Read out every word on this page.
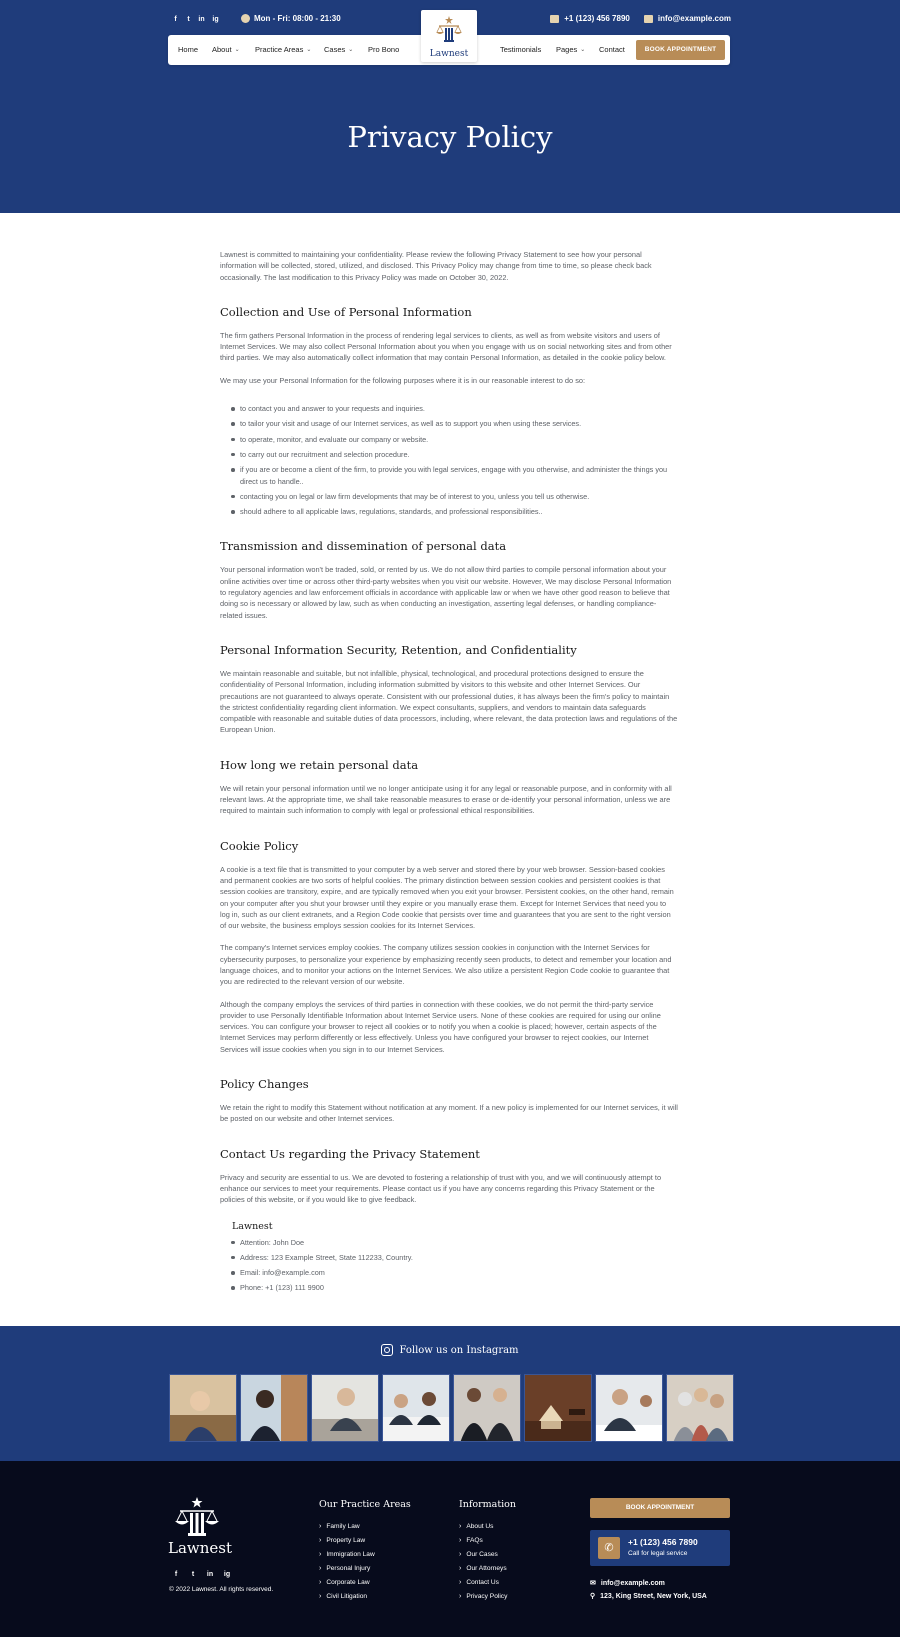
f	t	in ig	Mon - Fri: 08:00 - 21:30	+1 (123) 456 7890	info@example.com
Home About ⌄ Practice Areas ⌄ Cases ⌄ Pro Bono	Testimonials Pages ⌄ Contact	BOOK APPOINTMENT
Lawnest
Privacy Policy

Lawnest is committed to maintaining your confidentiality. Please review the following Privacy Statement to see how your personal information will be collected, stored, utilized, and disclosed. This Privacy Policy may change from time to time, so please check back occasionally. The last modification to this Privacy Policy was made on October 30, 2022.

Collection and Use of Personal Information

The firm gathers Personal Information in the process of rendering legal services to clients, as well as from website visitors and users of Internet Services. We may also collect Personal Information about you when you engage with us on social networking sites and from other third parties. We may also automatically collect information that may contain Personal Information, as detailed in the cookie policy below.

We may use your Personal Information for the following purposes where it is in our reasonable interest to do so:

to contact you and answer to your requests and inquiries.
to tailor your visit and usage of our Internet services, as well as to support you when using these services.
to operate, monitor, and evaluate our company or website.
to carry out our recruitment and selection procedure.
if you are or become a client of the firm, to provide you with legal services, engage with you otherwise, and administer the things you direct us to handle..
contacting you on legal or law firm developments that may be of interest to you, unless you tell us otherwise.
should adhere to all applicable laws, regulations, standards, and professional responsibilities..
Transmission and dissemination of personal data

Your personal information won't be traded, sold, or rented by us. We do not allow third parties to compile personal information about your online activities over time or across other third-party websites when you visit our website. However, We may disclose Personal Information to regulatory agencies and law enforcement officials in accordance with applicable law or when we have other good reason to believe that doing so is necessary or allowed by law, such as when conducting an investigation, asserting legal defenses, or handling compliance-related issues.

Personal Information Security, Retention, and Confidentiality

We maintain reasonable and suitable, but not infallible, physical, technological, and procedural protections designed to ensure the confidentiality of Personal Information, including information submitted by visitors to this website and other Internet Services. Our precautions are not guaranteed to always operate. Consistent with our professional duties, it has always been the firm's policy to maintain the strictest confidentiality regarding client information. We expect consultants, suppliers, and vendors to maintain data safeguards compatible with reasonable and suitable duties of data processors, including, where relevant, the data protection laws and regulations of the European Union.

How long we retain personal data

We will retain your personal information until we no longer anticipate using it for any legal or reasonable purpose, and in conformity with all relevant laws. At the appropriate time, we shall take reasonable measures to erase or de-identify your personal information, unless we are required to maintain such information to comply with legal or professional ethical responsibilities.

Cookie Policy

A cookie is a text file that is transmitted to your computer by a web server and stored there by your web browser. Session-based cookies and permanent cookies are two sorts of helpful cookies. The primary distinction between session cookies and persistent cookies is that session cookies are transitory, expire, and are typically removed when you exit your browser. Persistent cookies, on the other hand, remain on your computer after you shut your browser until they expire or you manually erase them. Except for Internet Services that need you to log in, such as our client extranets, and a Region Code cookie that persists over time and guarantees that you are sent to the right version of our website, the business employs session cookies for its Internet Services.

The company's Internet services employ cookies. The company utilizes session cookies in conjunction with the Internet Services for cybersecurity purposes, to personalize your experience by emphasizing recently seen products, to detect and remember your location and language choices, and to monitor your actions on the Internet Services. We also utilize a persistent Region Code cookie to guarantee that you are redirected to the relevant version of our website.

Although the company employs the services of third parties in connection with these cookies, we do not permit the third-party service provider to use Personally Identifiable Information about Internet Service users. None of these cookies are required for using our online services. You can configure your browser to reject all cookies or to notify you when a cookie is placed; however, certain aspects of the Internet Services may perform differently or less effectively. Unless you have configured your browser to reject cookies, our Internet Services will issue cookies when you sign in to our Internet Services.

Policy Changes

We retain the right to modify this Statement without notification at any moment. If a new policy is implemented for our Internet services, it will be posted on our website and other Internet services.

Contact Us regarding the Privacy Statement

Privacy and security are essential to us. We are devoted to fostering a relationship of trust with you, and we will continuously attempt to enhance our services to meet your requirements. Please contact us if you have any concerns regarding this Privacy Statement or the policies of this website, or if you would like to give feedback.

Lawnest
Attention: John Doe
Address: 123 Example Street, State 112233, Country.
Email: info@example.com
Phone: +1 (123) 111 9900
Follow us on Instagram
Lawnest
f	t	in ig
© 2022 Lawnest. All rights reserved.
Our Practice Areas
› Family Law
› Property Law
› Immigration Law
› Personal Injury
› Corporate Law
› Civil Litigation
Information
› About Us
› FAQs
› Our Cases
› Our Attorneys
› Contact Us
› Privacy Policy
BOOK APPOINTMENT
✆	+1 (123) 456 7890
Call for legal service
✉ info@example.com
⚲ 123, King Street, New York, USA
